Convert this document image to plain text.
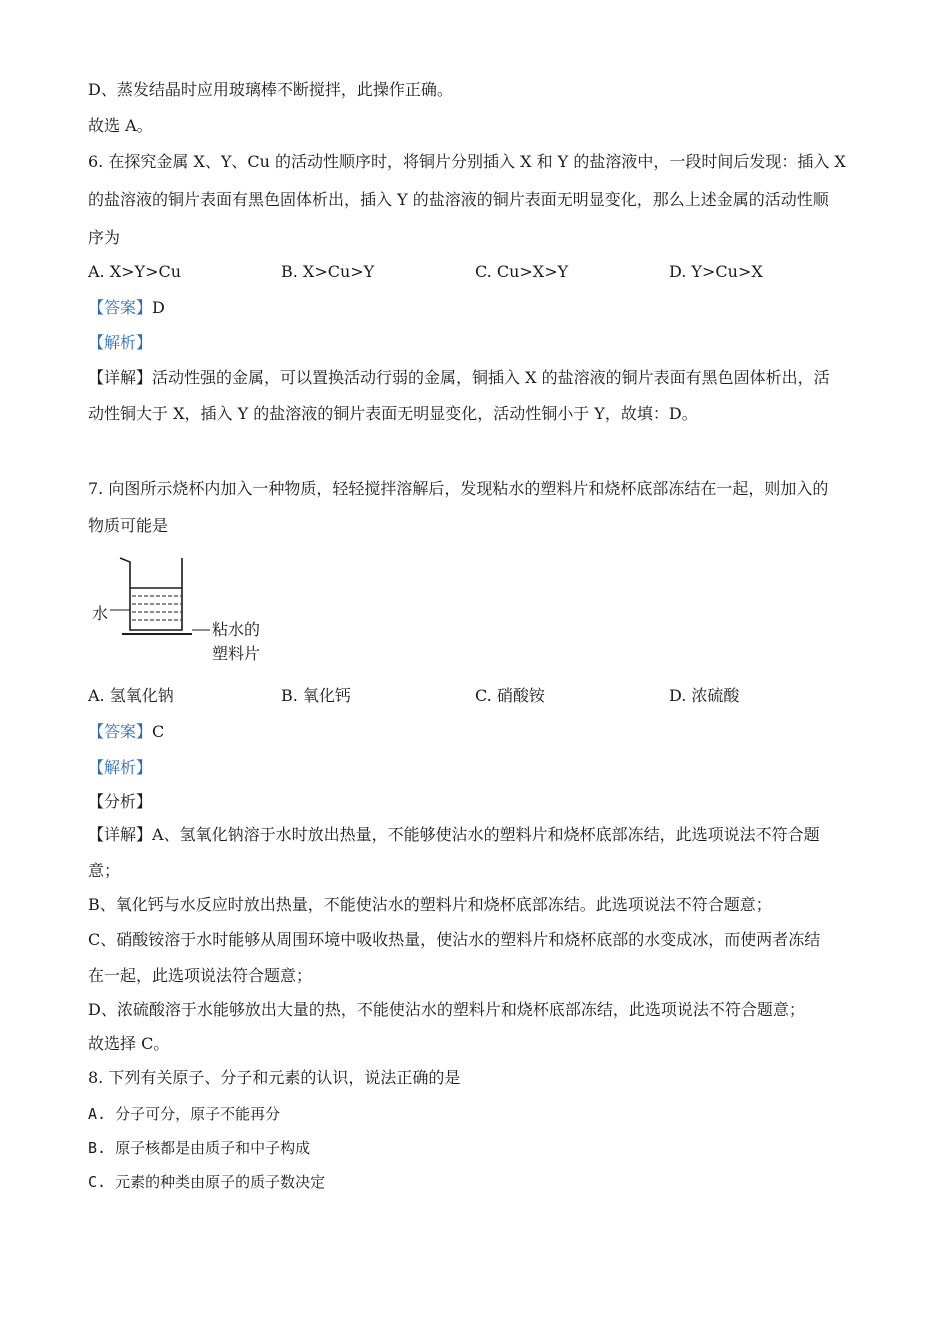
D、蒸发结晶时应用玻璃棒不断搅拌，此操作正确。
故选 A。
6. 在探究金属 X、Y、Cu 的活动性顺序时，将铜片分别插入 X 和 Y 的盐溶液中，一段时间后发现：插入 X
的盐溶液的铜片表面有黑色固体析出，插入 Y 的盐溶液的铜片表面无明显变化，那么上述金属的活动性顺
序为
A. X>Y>Cu	B. X>Cu>Y	C. Cu>X>Y	D. Y>Cu>X
【答案】D
【解析】
【详解】活动性强的金属，可以置换活动行弱的金属，铜插入 X 的盐溶液的铜片表面有黑色固体析出，活
动性铜大于 X，插入 Y 的盐溶液的铜片表面无明显变化，活动性铜小于 Y，故填：D。
7. 向图所示烧杯内加入一种物质，轻轻搅拌溶解后，发现粘水的塑料片和烧杯底部冻结在一起，则加入的
物质可能是
水
粘水的
塑料片
A. 氢氧化钠	B. 氧化钙	C. 硝酸铵	D. 浓硫酸
【答案】C
【解析】
【分析】
【详解】A、氢氧化钠溶于水时放出热量，不能够使沾水的塑料片和烧杯底部冻结，此选项说法不符合题
意；
B、氧化钙与水反应时放出热量，不能使沾水的塑料片和烧杯底部冻结。此选项说法不符合题意；
C、硝酸铵溶于水时能够从周围环境中吸收热量，使沾水的塑料片和烧杯底部的水变成冰，而使两者冻结
在一起，此选项说法符合题意；
D、浓硫酸溶于水能够放出大量的热，不能使沾水的塑料片和烧杯底部冻结，此选项说法不符合题意；
故选择 C。
8. 下列有关原子、分子和元素的认识，说法正确的是
A. 分子可分，原子不能再分
B. 原子核都是由质子和中子构成
C. 元素的种类由原子的质子数决定
